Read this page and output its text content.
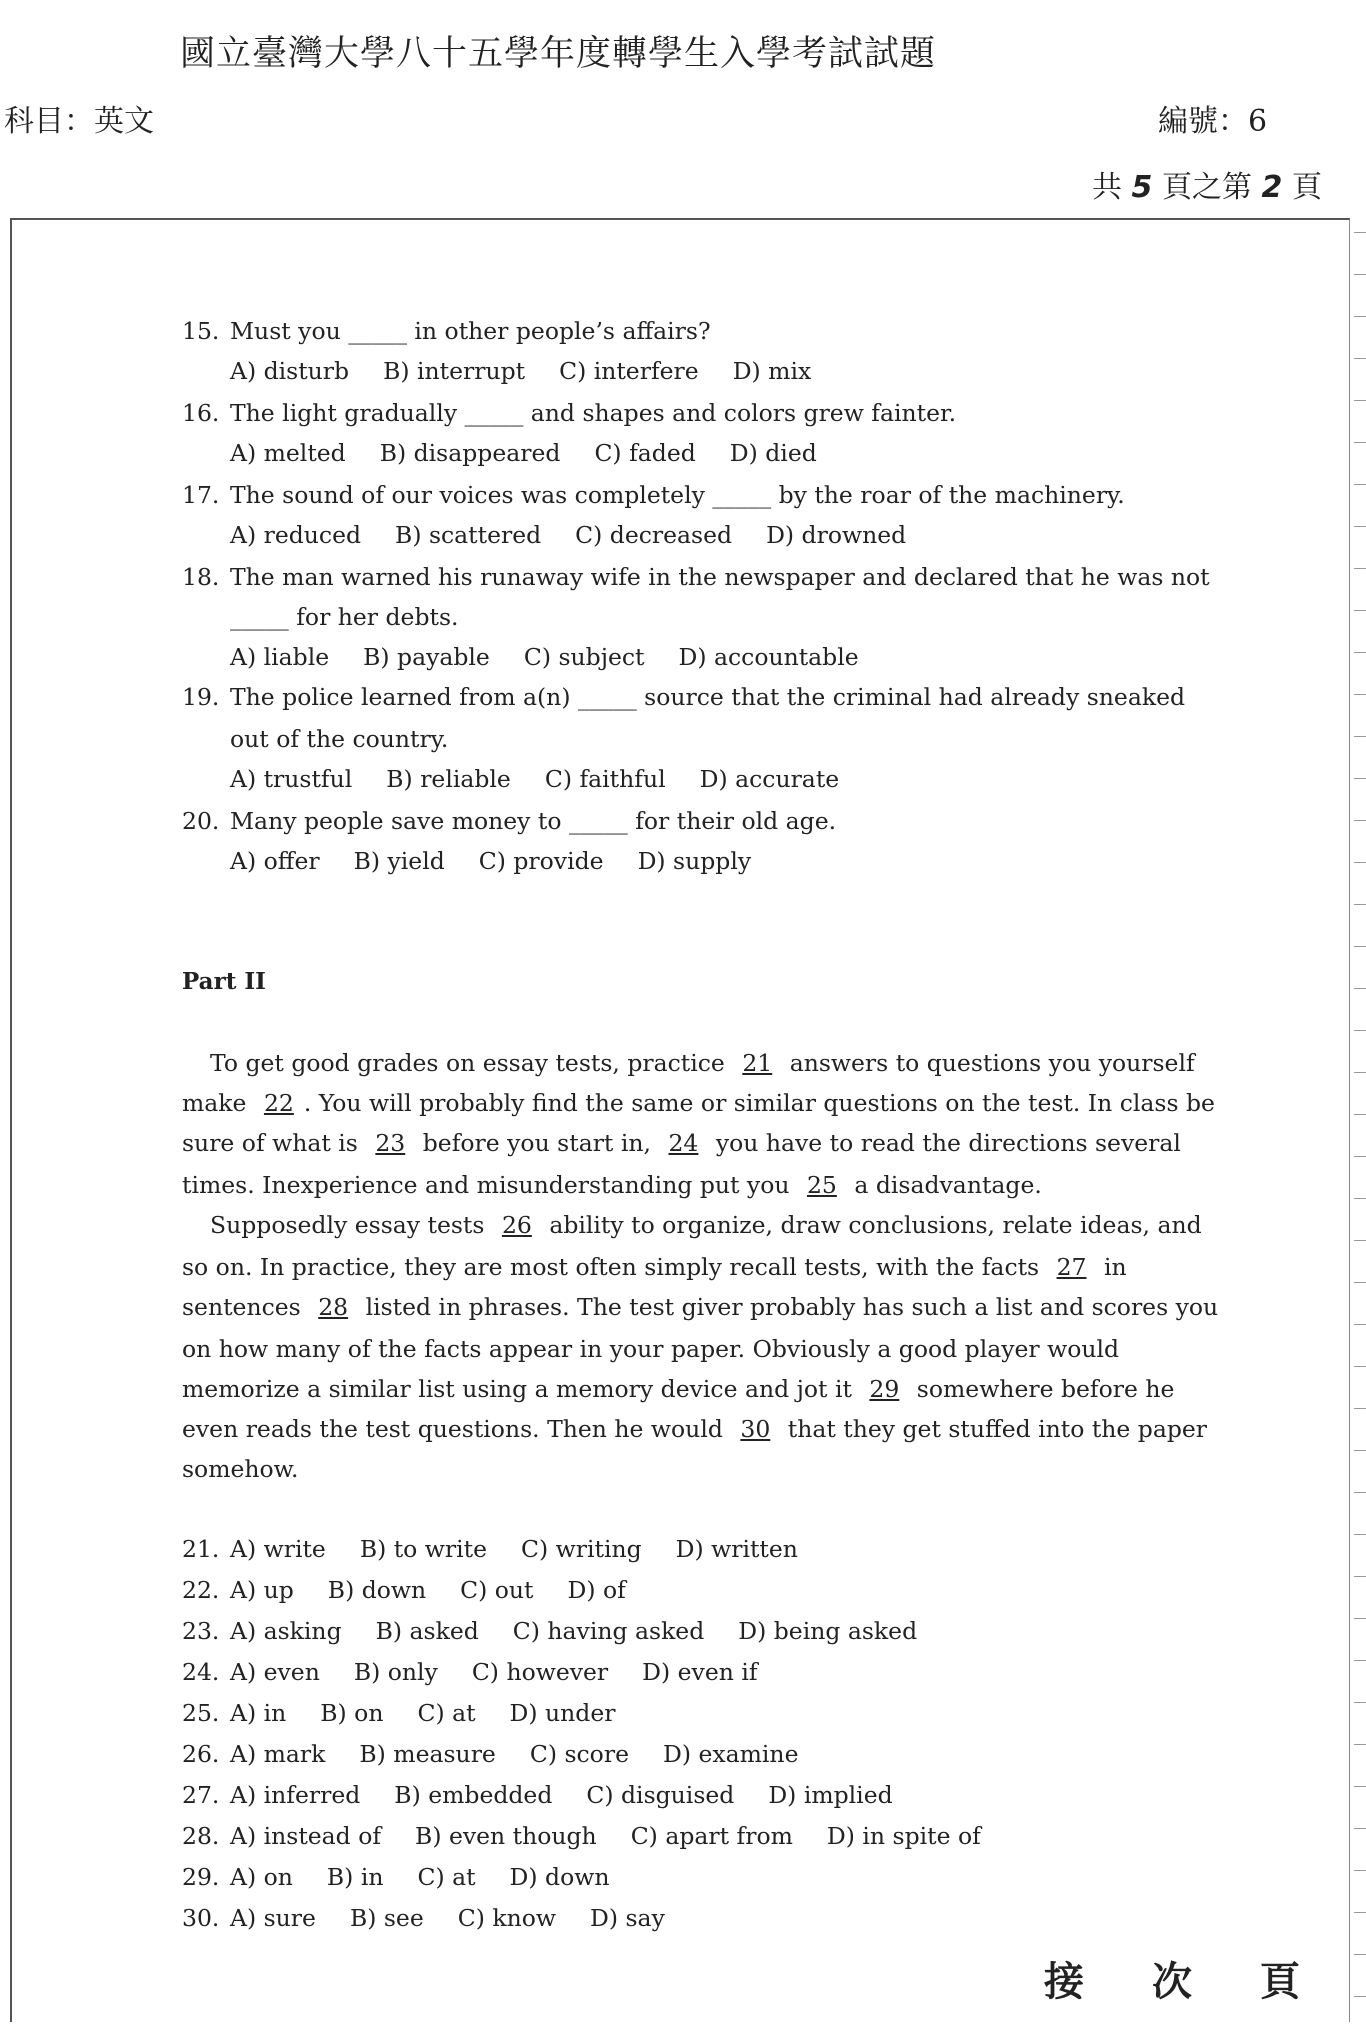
國立臺灣大學八十五學年度轉學生入學考試試題
科目：英文	編號：6
共 5 頁之第 2 頁
15. Must you _____ in other people’s affairs?
A) disturb B) interrupt C) interfere D) mix
16. The light gradually _____ and shapes and colors grew fainter.
A) melted B) disappeared C) faded D) died
17. The sound of our voices was completely _____ by the roar of the machinery.
A) reduced B) scattered C) decreased D) drowned
18. The man warned his runaway wife in the newspaper and declared that he was not
_____ for her debts.
A) liable B) payable C) subject D) accountable
19. The police learned from a(n) _____ source that the criminal had already sneaked
out of the country.
A) trustful B) reliable C) faithful D) accurate
20. Many people save money to _____ for their old age.
A) offer B) yield C) provide D) supply
Part II
To get good grades on essay tests, practice 21 answers to questions you yourself
make 22 . You will probably find the same or similar questions on the test. In class be
sure of what is 23 before you start in, 24 you have to read the directions several
times. Inexperience and misunderstanding put you 25 a disadvantage.
Supposedly essay tests 26 ability to organize, draw conclusions, relate ideas, and
so on. In practice, they are most often simply recall tests, with the facts 27 in
sentences 28 listed in phrases. The test giver probably has such a list and scores you
on how many of the facts appear in your paper. Obviously a good player would
memorize a similar list using a memory device and jot it 29 somewhere before he
even reads the test questions. Then he would 30 that they get stuffed into the paper
somehow.
21. A) write B) to write C) writing D) written
22. A) up B) down C) out D) of
23. A) asking B) asked C) having asked D) being asked
24. A) even B) only C) however D) even if
25. A) in B) on C) at D) under
26. A) mark B) measure C) score D) examine
27. A) inferred B) embedded C) disguised D) implied
28. A) instead of B) even though C) apart from D) in spite of
29. A) on B) in C) at D) down
30. A) sure B) see C) know D) say
接 次 頁
